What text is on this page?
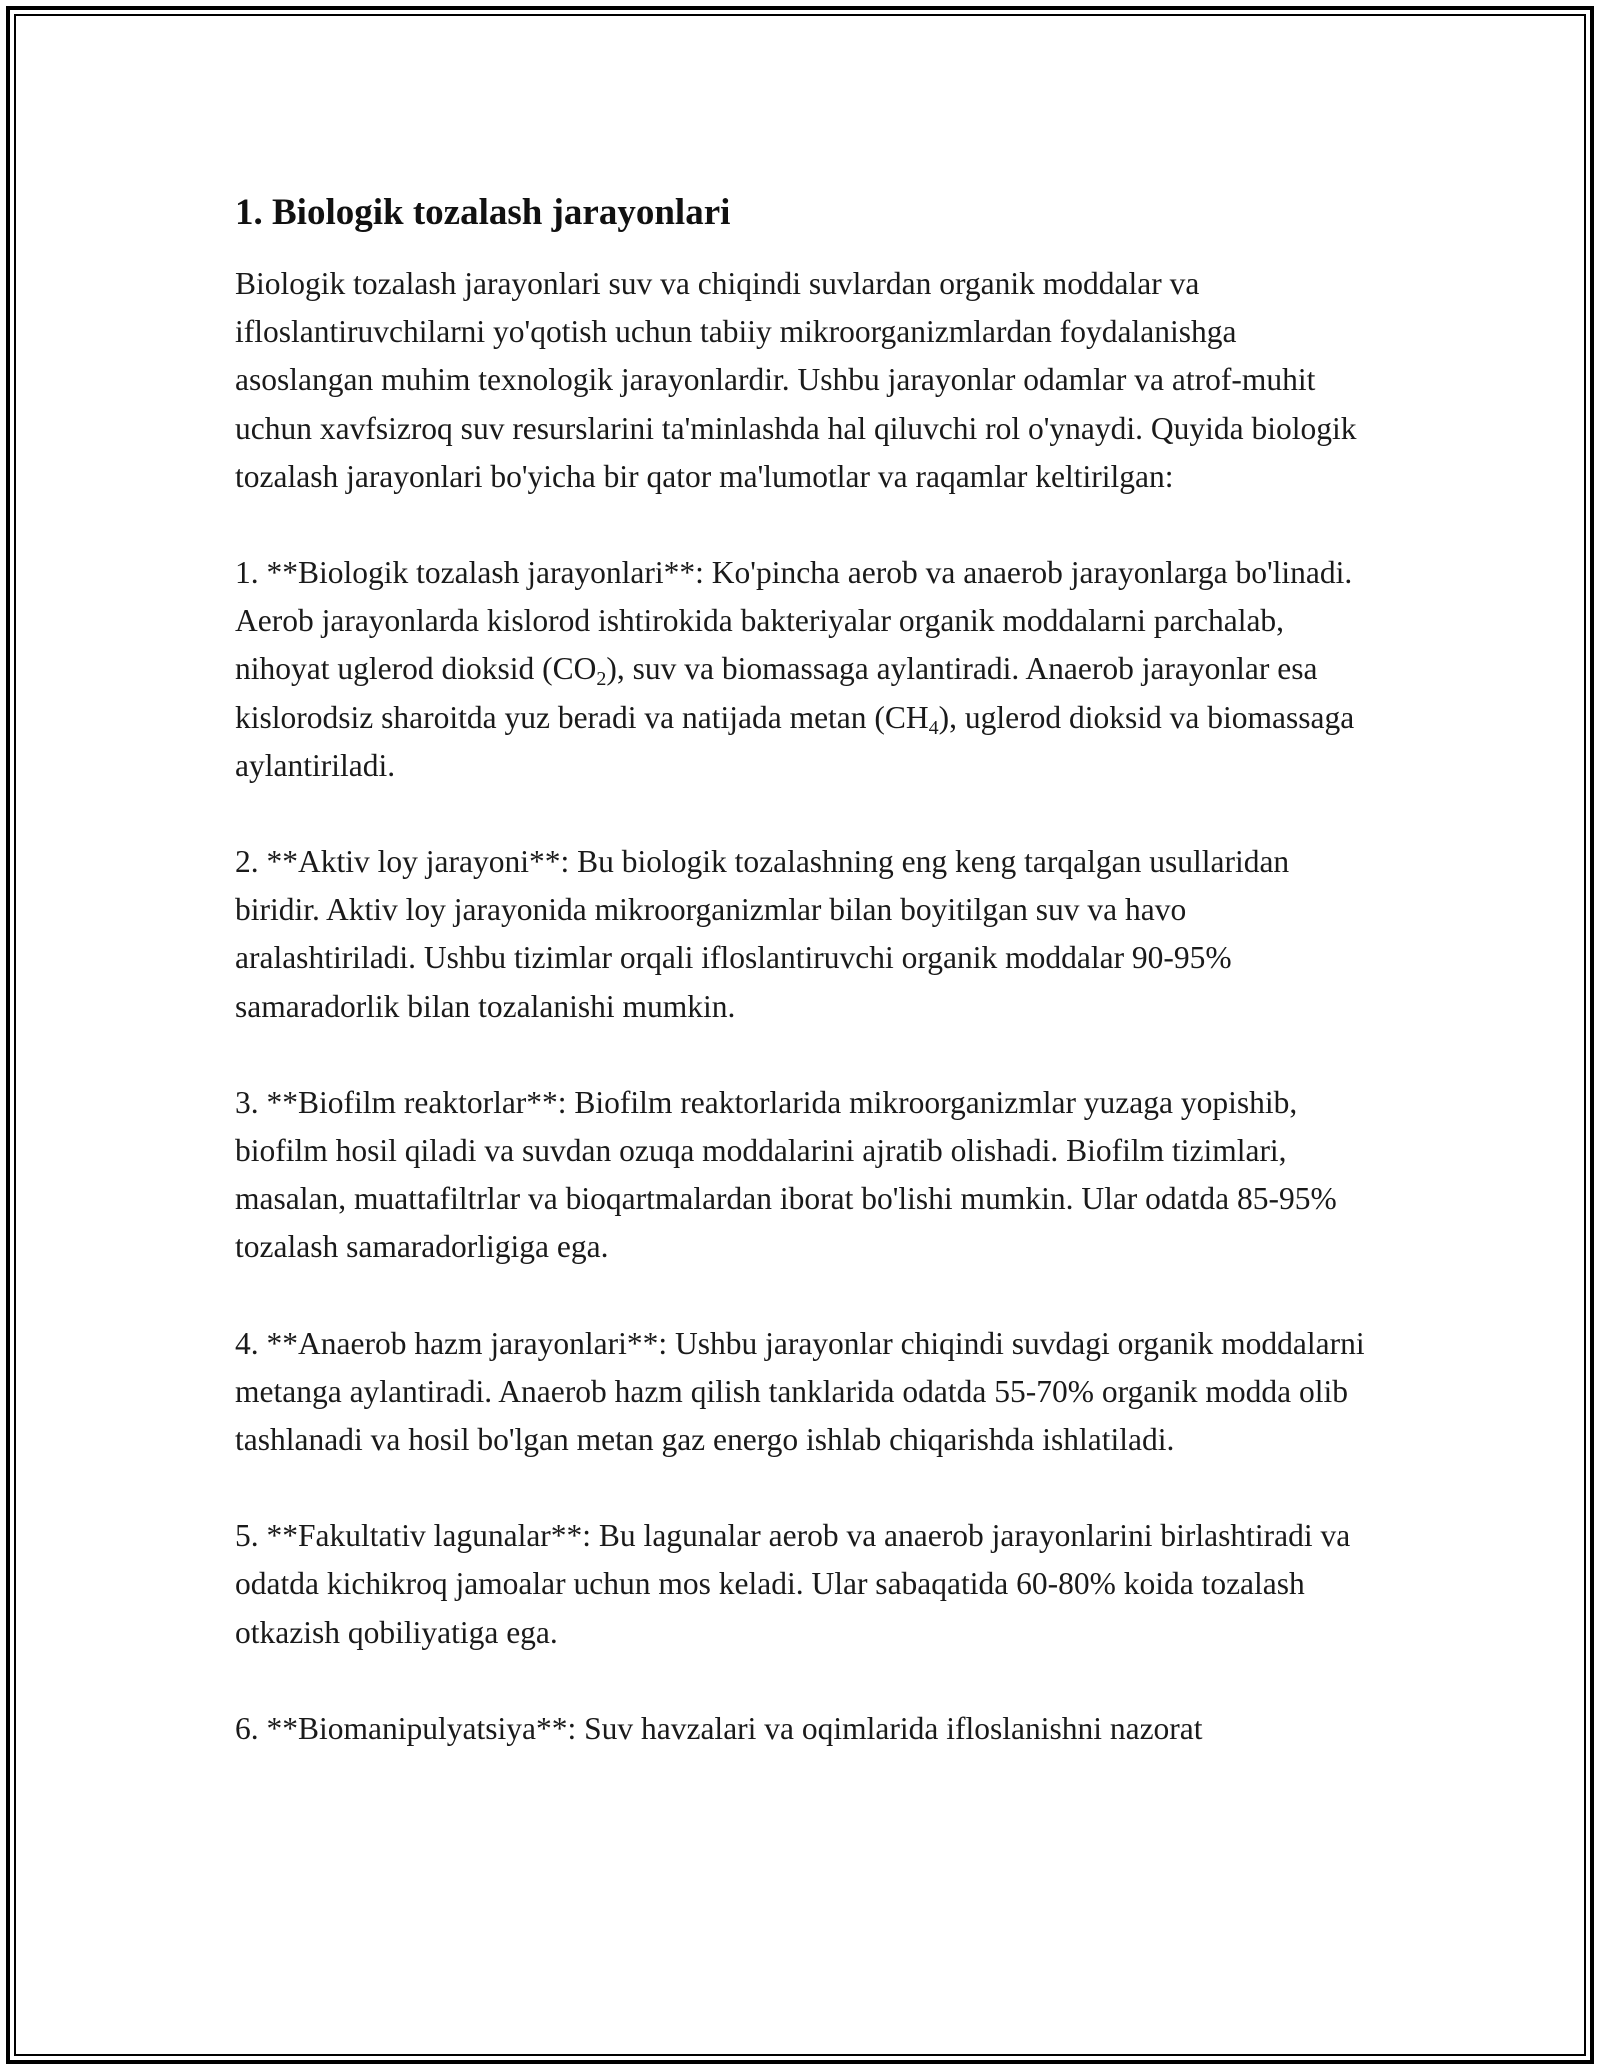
1. Biologik tozalash jarayonlari

Biologik tozalash jarayonlari suv va chiqindi suvlardan organik moddalar va ifloslantiruvchilarni yo'qotish uchun tabiiy mikroorganizmlardan foydalanishga asoslangan muhim texnologik jarayonlardir. Ushbu jarayonlar odamlar va atrof-muhit uchun xavfsizroq suv resurslarini ta'minlashda hal qiluvchi rol o'ynaydi. Quyida biologik tozalash jarayonlari bo'yicha bir qator ma'lumotlar va raqamlar keltirilgan:

1. **Biologik tozalash jarayonlari**: Ko'pincha aerob va anaerob jarayonlarga bo'linadi. Aerob jarayonlarda kislorod ishtirokida bakteriyalar organik moddalarni parchalab, nihoyat uglerod dioksid $(CO_2)$, suv va biomassaga aylantiradi. Anaerob jarayonlar esa kislorodsiz sharoitda yuz beradi va natijada metan $(CH_4)$, uglerod dioksid va biomassaga aylantiriladi.

2. **Aktiv loy jarayoni**: Bu biologik tozalashning eng keng tarqalgan usullaridan biridir. Aktiv loy jarayonida mikroorganizmlar bilan boyitilgan suv va havo aralashtiriladi. Ushbu tizimlar orqali ifloslantiruvchi organik moddalar 90-95% samaradorlik bilan tozalanishi mumkin.

3. **Biofilm reaktorlar**: Biofilm reaktorlarida mikroorganizmlar yuzaga yopishib, biofilm hosil qiladi va suvdan ozuqa moddalarini ajratib olishadi. Biofilm tizimlari, masalan, muattafiltrlar va bioqartmalardan iborat bo'lishi mumkin. Ular odatda 85-95% tozalash samaradorligiga ega.

4. **Anaerob hazm jarayonlari**: Ushbu jarayonlar chiqindi suvdagi organik moddalarni metanga aylantiradi. Anaerob hazm qilish tanklarida odatda 55-70% organik modda olib tashlanadi va hosil bo'lgan metan gaz energo ishlab chiqarishda ishlatiladi.

5. **Fakultativ lagunalar**: Bu lagunalar aerob va anaerob jarayonlarini birlashtiradi va odatda kichikroq jamoalar uchun mos keladi. Ular sabaqatida 60-80% koida tozalash otkazish qobiliyatiga ega.

6. **Biomanipulyatsiya**: Suv havzalari va oqimlarida ifloslanishni nazorat
